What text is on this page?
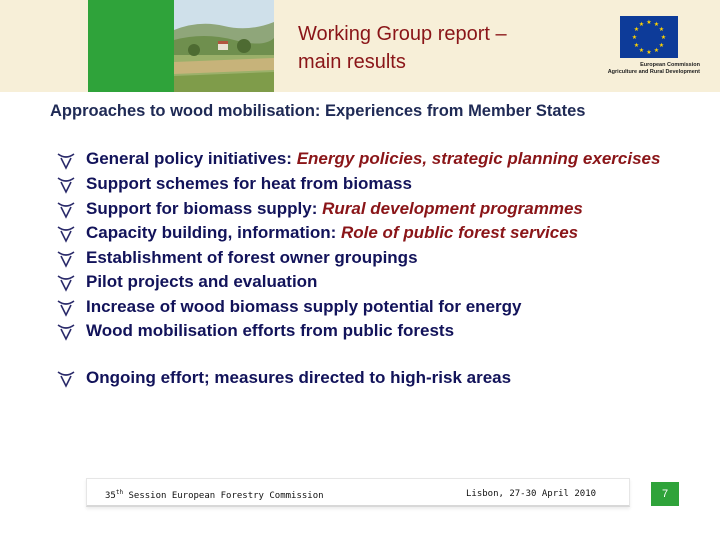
Working Group report –
main results
★ ★
★
★
★
★
★
★
★
★
★
★
European Commission
Agriculture and Rural Development
Approaches to wood mobilisation: Experiences from Member States
General policy initiatives: Energy policies, strategic planning exercises
Support schemes for heat from biomass
Support for biomass supply: Rural development programmes
Capacity building, information: Role of public forest services
Establishment of forest owner groupings
Pilot projects and evaluation
Increase of wood biomass supply potential for energy
Wood mobilisation efforts from public forests
Ongoing effort; measures directed to high-risk areas
35th Session European Forestry Commission	Lisbon, 27-30 April 2010	7
